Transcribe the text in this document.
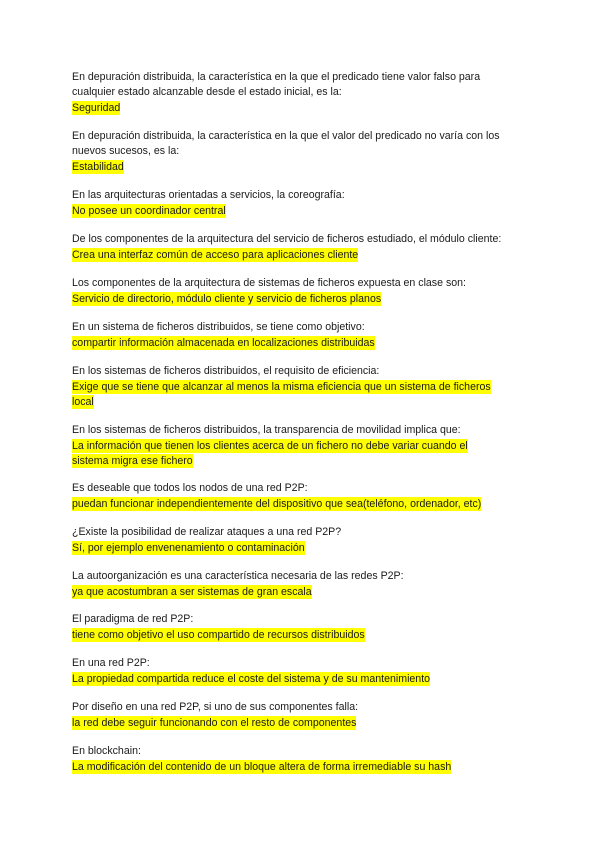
En depuración distribuida, la característica en la que el predicado tiene valor falso para
cualquier estado alcanzable desde el estado inicial, es la:
Seguridad
En depuración distribuida, la característica en la que el valor del predicado no varía con los
nuevos sucesos, es la:
Estabilidad
En las arquitecturas orientadas a servicios, la coreografía:
No posee un coordinador central
De los componentes de la arquitectura del servicio de ficheros estudiado, el módulo cliente:
Crea una interfaz común de acceso para aplicaciones cliente
Los componentes de la arquitectura de sistemas de ficheros expuesta en clase son:
Servicio de directorio, módulo cliente y servicio de ficheros planos
En un sistema de ficheros distribuidos, se tiene como objetivo:
compartir información almacenada en localizaciones distribuidas
En los sistemas de ficheros distribuidos, el requisito de eficiencia:
Exige que se tiene que alcanzar al menos la misma eficiencia que un sistema de ficheros
local
En los sistemas de ficheros distribuidos, la transparencia de movilidad implica que:
La información que tienen los clientes acerca de un fichero no debe variar cuando el
sistema migra ese fichero
Es deseable que todos los nodos de una red P2P:
puedan funcionar independientemente del dispositivo que sea(teléfono, ordenador, etc)
¿Existe la posibilidad de realizar ataques a una red P2P?
Sí, por ejemplo envenenamiento o contaminación
La autoorganización es una característica necesaria de las redes P2P:
ya que acostumbran a ser sistemas de gran escala
El paradigma de red P2P:
tiene como objetivo el uso compartido de recursos distribuidos
En una red P2P:
La propiedad compartida reduce el coste del sistema y de su mantenimiento
Por diseño en una red P2P, si uno de sus componentes falla:
la red debe seguir funcionando con el resto de componentes
En blockchain:
La modificación del contenido de un bloque altera de forma irremediable su hash
